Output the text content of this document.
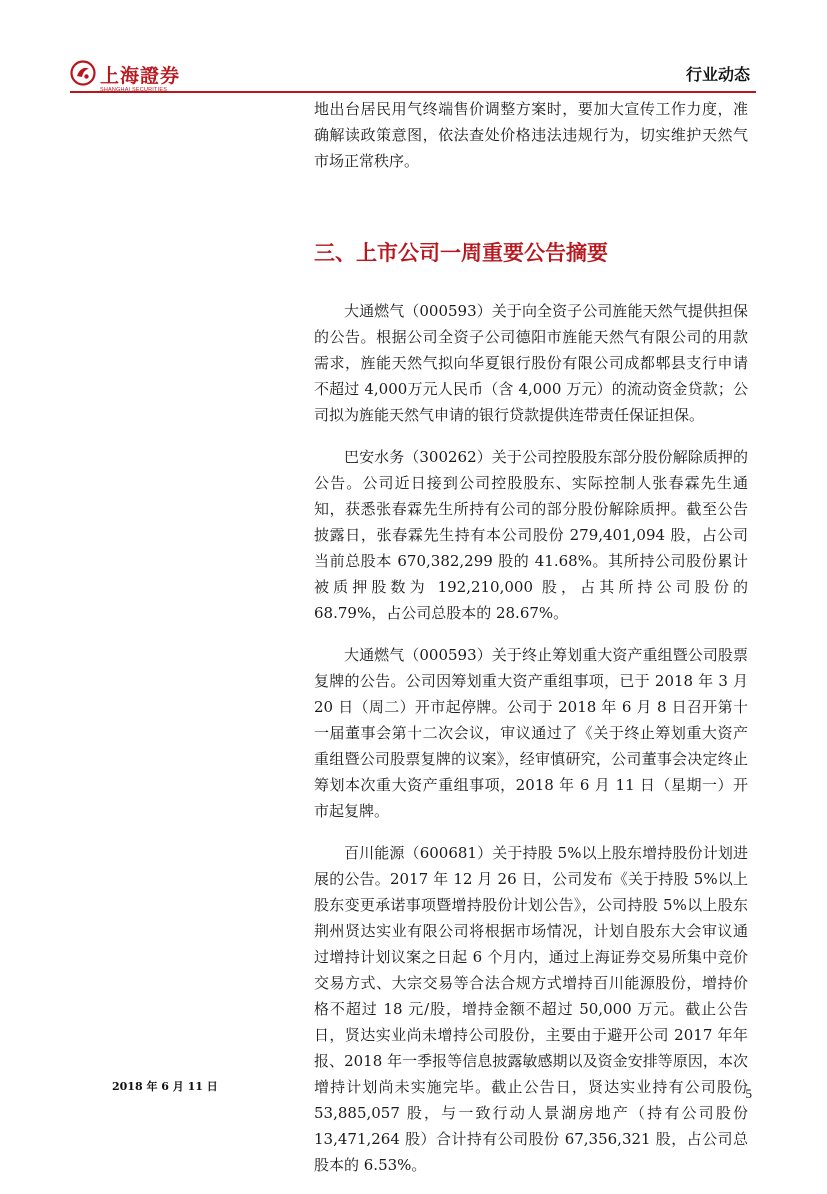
上海證券
SHANGHAI SECURITIES
行业动态

地出台居民用气终端售价调整方案时，要加大宣传工作力度，准确解读政策意图，依法查处价格违法违规行为，切实维护天然气市场正常秩序。

三、上市公司一周重要公告摘要

大通燃气（000593）关于向全资子公司旌能天然气提供担保的公告。根据公司全资子公司德阳市旌能天然气有限公司的用款需求，旌能天然气拟向华夏银行股份有限公司成都郫县支行申请不超过 4,000万元人民币（含 4,000 万元）的流动资金贷款；公司拟为旌能天然气申请的银行贷款提供连带责任保证担保。

巴安水务（300262）关于公司控股股东部分股份解除质押的公告。公司近日接到公司控股股东、实际控制人张春霖先生通知，获悉张春霖先生所持有公司的部分股份解除质押。截至公告披露日，张春霖先生持有本公司股份 279,401,094 股，占公司当前总股本 670,382,299 股的 41.68%。其所持公司股份累计被质押股数为 192,210,000 股，占其所持公司股份的 68.79%，占公司总股本的 28.67%。

大通燃气（000593）关于终止筹划重大资产重组暨公司股票复牌的公告。公司因筹划重大资产重组事项，已于 2018 年 3 月 20 日（周二）开市起停牌。公司于 2018 年 6 月 8 日召开第十一届董事会第十二次会议，审议通过了《关于终止筹划重大资产重组暨公司股票复牌的议案》，经审慎研究，公司董事会决定终止筹划本次重大资产重组事项，2018 年 6 月 11 日（星期一）开市起复牌。

百川能源（600681）关于持股 5%以上股东增持股份计划进展的公告。2017 年 12 月 26 日，公司发布《关于持股 5%以上股东变更承诺事项暨增持股份计划公告》，公司持股 5%以上股东荆州贤达实业有限公司将根据市场情况，计划自股东大会审议通过增持计划议案之日起 6 个月内，通过上海证券交易所集中竞价交易方式、大宗交易等合法合规方式增持百川能源股份，增持价格不超过 18 元/股，增持金额不超过 50,000 万元。截止公告日，贤达实业尚未增持公司股份，主要由于避开公司 2017 年年报、2018 年一季报等信息披露敏感期以及资金安排等原因，本次增持计划尚未实施完毕。截止公告日，贤达实业持有公司股份 53,885,057 股，与一致行动人景湖房地产（持有公司股份 13,471,264 股）合计持有公司股份 67,356,321 股，占公司总股本的 6.53%。

2018 年 6 月 11 日	5
